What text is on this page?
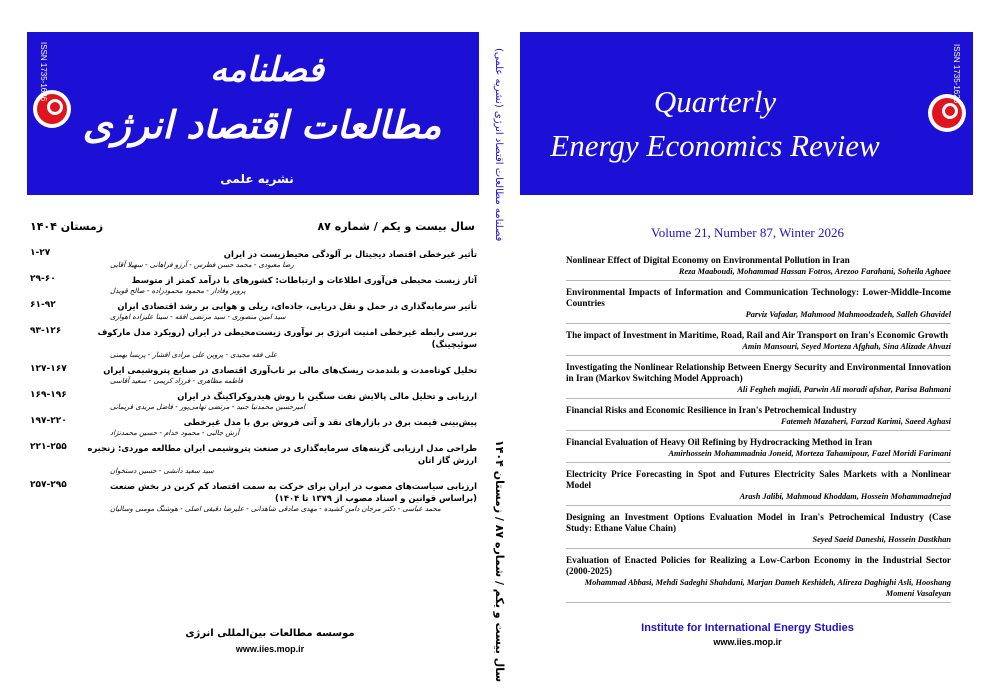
ISSN 1735-1626	فصلنامه
مطالعات اقتصاد انرژی
نشریه علمی
Quarterly
Energy Economics Review
ISSN 1735-1626
فصلنامه مطالعات اقتصاد انرژی (نشریه علمی)
سال بیست و یکم / شماره ۸۷ / زمستان ۱۴۰۴
سال بیست و یکم / شماره ۸۷
زمستان ۱۴۰۴
تأثیر غیرخطی اقتصاد دیجیتال بر آلودگی محیط‌زیست در ایران
۱-۲۷
رضا معبودی - محمد حسن فطرس - آرزو فراهانی - سهیلا آقایی
آثار زیست محیطی فن‌آوری اطلاعات و ارتباطات: کشورهای با درآمد کمتر از متوسط
۲۹-۶۰
پرویز وفادار - محمود محمودزاده - صالح قویدل
تأثیر سرمایه‌گذاری در حمل و نقل دریایی، جاده‌ای، ریلی و هوایی بر رشد اقتصادی ایران
۶۱-۹۲
سید امین منصوری - سید مرتضی افقه - سینا علیزاده اهوازی
بررسی رابطه غیرخطی امنیت انرژی بر نوآوری زیست‌محیطی در ایران (رویکرد مدل مارکوف سوئیچینگ)
۹۳-۱۲۶
علی فقه مجیدی - پروین علی مرادی افشار - پریسا بهمنی
تحلیل کوتاه‌مدت و بلندمدت ریسک‌های مالی بر تاب‌آوری اقتصادی در صنایع پتروشیمی ایران
۱۲۷-۱۶۷
فاطمه مظاهری - فرزاد کریمی - سعید آقاسی
ارزیابی و تحلیل مالی پالایش نفت سنگین با روش هیدروکراکینگ در ایران
۱۶۹-۱۹۶
امیرحسین محمدنیا جنید - مرتضی تهامی‌پور - فاضل مریدی فریمانی
پیش‌بینی قیمت برق در بازارهای نقد و آتی فروش برق با مدل غیرخطی
۱۹۷-۲۲۰
آرش جالبی - محمود خدام - حسین محمدنژاد
طراحی مدل ارزیابی گزینه‌های سرمایه‌گذاری در صنعت پتروشیمی ایران مطالعه موردی: زنجیره ارزش گاز اتان
۲۲۱-۲۵۵
سید سعید دانشی - حسین دستخوان
ارزیابی سیاست‌های مصوب در ایران برای حرکت به سمت اقتصاد کم کربن در بخش صنعت (براساس قوانین و اسناد مصوب از ۱۳۷۹ تا ۱۴۰۴)
۲۵۷-۲۹۵
محمد عباسی - دکتر مرجان دامن کشیده - مهدی صادقی شاهدانی - علیرضا دقیقی اصلی - هوشنگ مومنی وسالیان
موسسه مطالعات بین‌المللی انرژی
www.iies.mop.ir
Volume 21, Number 87, Winter 2026
Nonlinear Effect of Digital Economy on Environmental Pollution in Iran
Reza Maaboudi, Mohammad Hassan Fotros, Arezoo Farahani, Soheila Aghaee
Environmental Impacts of Information and Communication Technology: Lower-Middle-Income Countries
Parviz Vafadar, Mahmood Mahmoodzadeh, Salleh Ghavidel
The impact of Investment in Maritime, Road, Rail and Air Transport on Iran's Economic Growth
Amin Mansouri, Seyed Morteza Afghah, Sina Alizade Ahvazi
Investigating the Nonlinear Relationship Between Energy Security and Environmental Innovation in Iran (Markov Switching Model Approach)
Ali Fegheh majidi, Parwin Ali moradi afshar, Parisa Bahmani
Financial Risks and Economic Resilience in Iran's Petrochemical Industry
Fatemeh Mazaheri, Farzad Karimi, Saeed Aghasi
Financial Evaluation of Heavy Oil Refining by Hydrocracking Method in Iran
Amirhossein Mohammadnia Joneid, Morteza Tahamipour, Fazel Moridi Farimani
Electricity Price Forecasting in Spot and Futures Electricity Sales Markets with a Nonlinear Model
Arash Jalibi, Mahmoud Khoddam, Hossein Mohammadnejad
Designing an Investment Options Evaluation Model in Iran's Petrochemical Industry (Case Study: Ethane Value Chain)
Seyed Saeid Daneshi, Hossein Dastkhan
Evaluation of Enacted Policies for Realizing a Low-Carbon Economy in the Industrial Sector (2000-2025)
Mohammad Abbasi, Mehdi Sadeghi Shahdani, Marjan Dameh Keshideh, Alireza Daghighi Asli, Hooshang Momeni Vasaleyan
Institute for International Energy Studies
www.iies.mop.ir
